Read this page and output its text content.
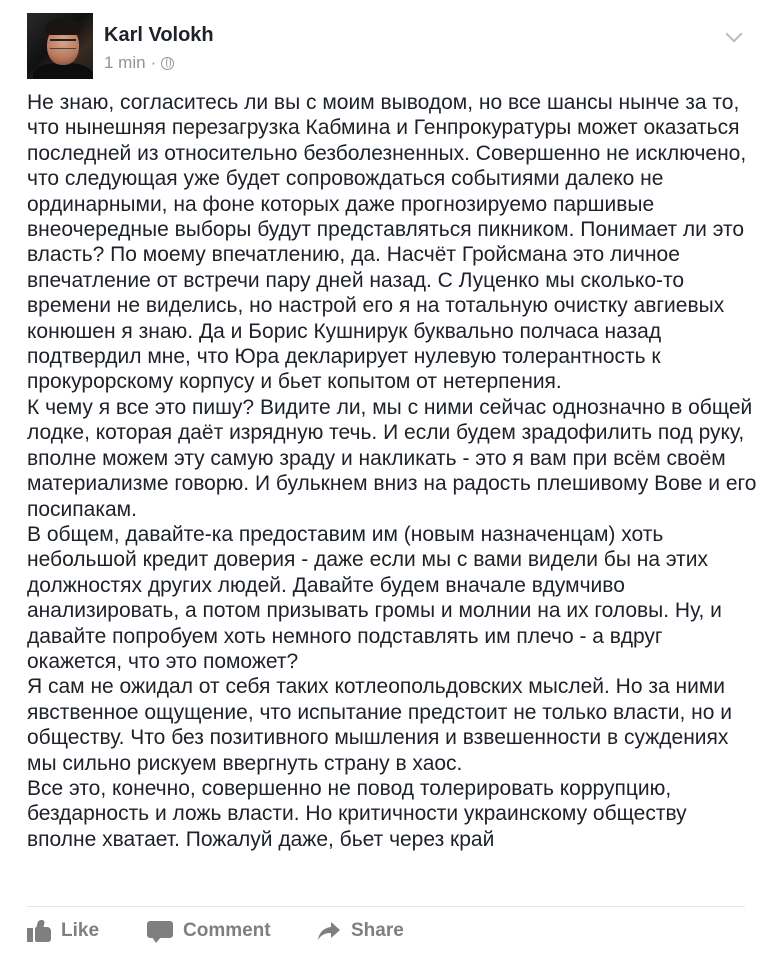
Karl Volokh
1 min ·
Не знаю, согласитесь ли вы с моим выводом, но все шансы нынче за то, что нынешняя перезагрузка Кабмина и Генпрокуратуры может оказаться последней из относительно безболезненных. Совершенно не исключено, что следующая уже будет сопровождаться событиями далеко не ординарными, на фоне которых даже прогнозируемо паршивые внеочередные выборы будут представляться пикником. Понимает ли это власть? По моему впечатлению, да. Насчёт Гройсмана это личное впечатление от встречи пару дней назад. С Луценко мы сколько-то времени не виделись, но настрой его я на тотальную очистку авгиевых конюшен я знаю. Да и Борис Кушнирук буквально полчаса назад подтвердил мне, что Юра декларирует нулевую толерантность к прокурорскому корпусу и бьет копытом от нетерпения.
К чему я все это пишу? Видите ли, мы с ними сейчас однозначно в общей лодке, которая даёт изрядную течь. И если будем зрадофилить под руку, вполне можем эту самую зраду и накликать - это я вам при всём своём материализме говорю. И булькнем вниз на радость плешивому Вове и его посипакам.
В общем, давайте-ка предоставим им (новым назначенцам) хоть небольшой кредит доверия - даже если мы с вами видели бы на этих должностях других людей. Давайте будем вначале вдумчиво анализировать, а потом призывать громы и молнии на их головы. Ну, и давайте попробуем хоть немного подставлять им плечо - а вдруг окажется, что это поможет?
Я сам не ожидал от себя таких котлеопольдовских мыслей. Но за ними явственное ощущение, что испытание предстоит не только власти, но и обществу. Что без позитивного мышления и взвешенности в суждениях мы сильно рискуем ввергнуть страну в хаос.
Все это, конечно, совершенно не повод толерировать коррупцию, бездарность и ложь власти. Но критичности украинскому обществу вполне хватает. Пожалуй даже, бьет через край
Like	Comment	Share
